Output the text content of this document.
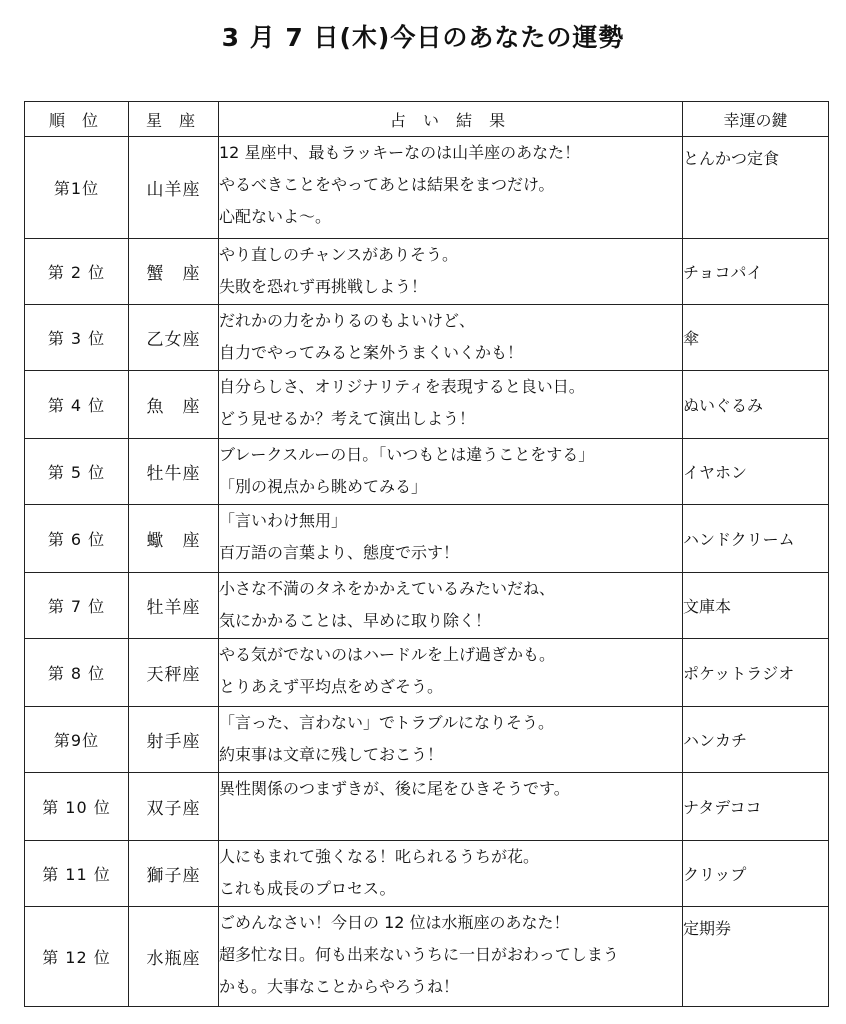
3 月 7 日(木)今日のあなたの運勢
順 位	星 座	占 い 結 果	幸運の鍵
第1位	山羊座	12 星座中、最もラッキーなのは山羊座のあなた！
やるべきことをやってあとは結果をまつだけ。
心配ないよ～。	とんかつ定食
第 2 位	蟹　座	やり直しのチャンスがありそう。
失敗を恐れず再挑戦しよう！	チョコパイ
第 3 位	乙女座	だれかの力をかりるのもよいけど、
自力でやってみると案外うまくいくかも！	傘
第 4 位	魚　座	自分らしさ、オリジナリティを表現すると良い日。
どう見せるか？考えて演出しよう！	ぬいぐるみ
第 5 位	牡牛座	ブレークスルーの日。「いつもとは違うことをする」
「別の視点から眺めてみる」	イヤホン
第 6 位	蠍　座	「言いわけ無用」
百万語の言葉より、態度で示す！	ハンドクリーム
第 7 位	牡羊座	小さな不満のタネをかかえているみたいだね、
気にかかることは、早めに取り除く！	文庫本
第 8 位	天秤座	やる気がでないのはハードルを上げ過ぎかも。
とりあえず平均点をめざそう。	ポケットラジオ
第9位	射手座	「言った、言わない」でトラブルになりそう。
約束事は文章に残しておこう！	ハンカチ
第 10 位	双子座	異性関係のつまずきが、後に尾をひきそうです。	ナタデココ
第 11 位	獅子座	人にもまれて強くなる！叱られるうちが花。
これも成長のプロセス。	クリップ
第 12 位	水瓶座	ごめんなさい！今日の 12 位は水瓶座のあなた！
超多忙な日。何も出来ないうちに一日がおわってしまう
かも。大事なことからやろうね！	定期券
